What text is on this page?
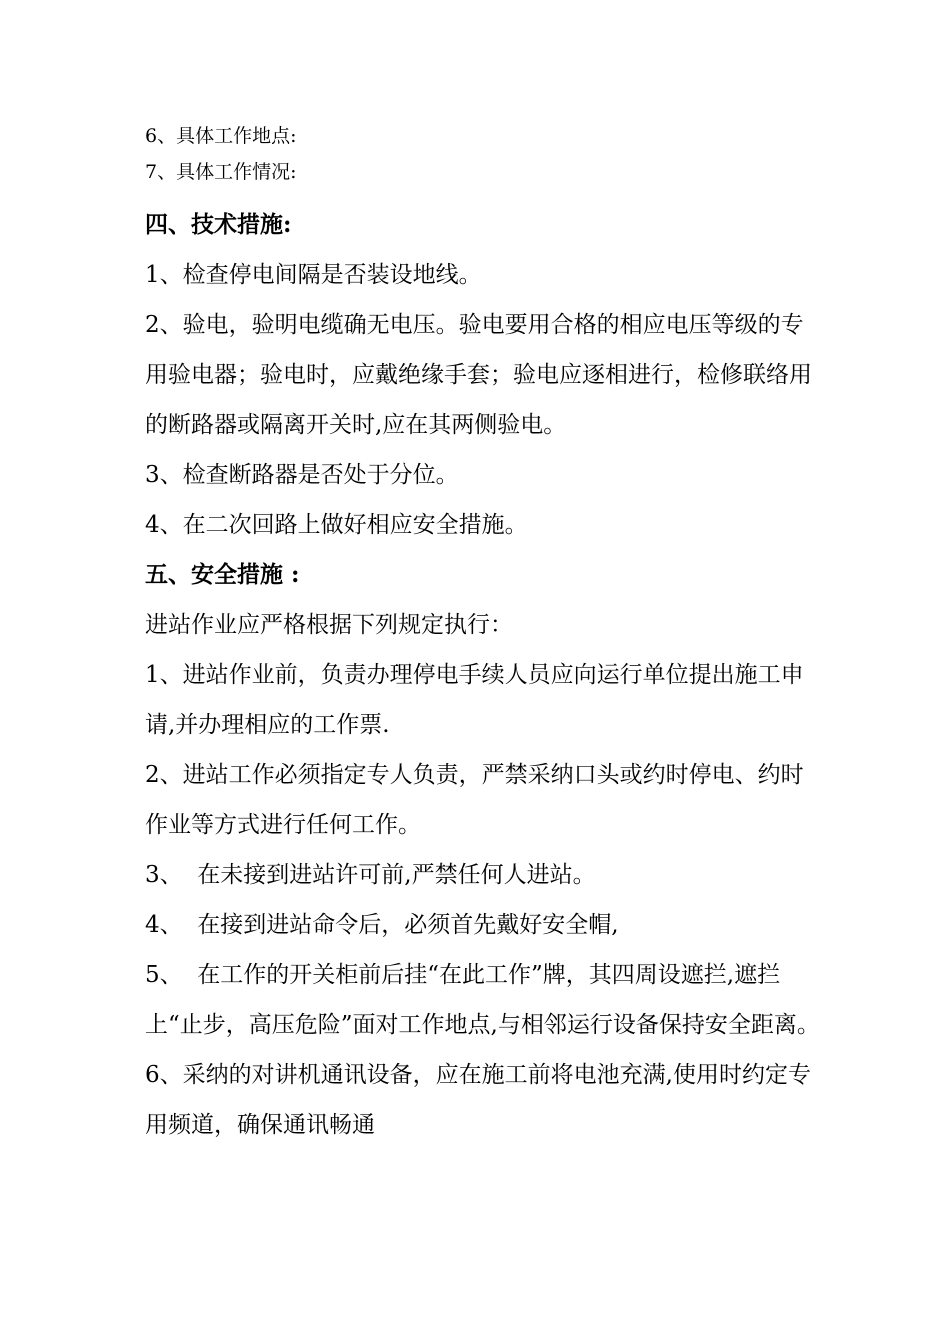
6、具体工作地点:

7、具体工作情况:

四、技术措施:

1、检查停电间隔是否装设地线。

2、验电，验明电缆确无电压。验电要用合格的相应电压等级的专用验电器；验电时，应戴绝缘手套；验电应逐相进行，检修联络用的断路器或隔离开关时,应在其两侧验电。

3、检查断路器是否处于分位。

4、在二次回路上做好相应安全措施。

五、安全措施 :

进站作业应严格根据下列规定执行：

1、进站作业前，负责办理停电手续人员应向运行单位提出施工申请,并办理相应的工作票.

2、进站工作必须指定专人负责，严禁采纳口头或约时停电、约时作业等方式进行任何工作。

3、  在未接到进站许可前,严禁任何人进站。

4、  在接到进站命令后，必须首先戴好安全帽,

5、  在工作的开关柜前后挂“在此工作”牌，其四周设遮拦,遮拦上“止步，高压危险”面对工作地点,与相邻运行设备保持安全距离。

6、采纳的对讲机通讯设备，应在施工前将电池充满,使用时约定专用频道，确保通讯畅通
